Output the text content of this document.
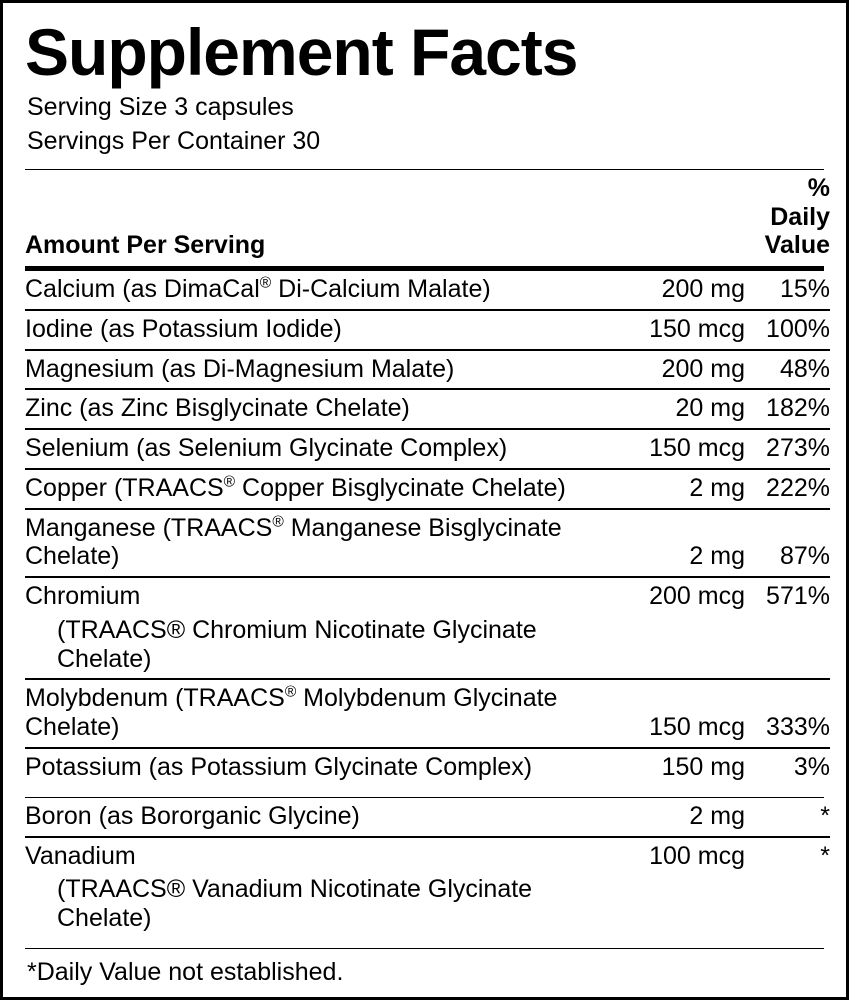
Supplement Facts
Serving Size 3 capsules
Servings Per Container 30
Amount Per Serving		% Daily Value
Calcium (as DimaCal® Di-Calcium Malate)	200 mg	15%
Iodine (as Potassium Iodide)	150 mcg	100%
Magnesium (as Di-Magnesium Malate)	200 mg	48%
Zinc (as Zinc Bisglycinate Chelate)	20 mg	182%
Selenium (as Selenium Glycinate Complex)	150 mcg	273%
Copper (TRAACS® Copper Bisglycinate Chelate)	2 mg	222%
Manganese (TRAACS® Manganese Bisglycinate Chelate)	2 mg	87%
Chromium	200 mcg	571%
(TRAACS® Chromium Nicotinate Glycinate Chelate)		
Molybdenum (TRAACS® Molybdenum Glycinate Chelate)	150 mcg	333%
Potassium (as Potassium Glycinate Complex)	150 mg	3%
Boron (as Bororganic Glycine)	2 mg	*
Vanadium	100 mcg	*
(TRAACS® Vanadium Nicotinate Glycinate Chelate)		
*Daily Value not established.
